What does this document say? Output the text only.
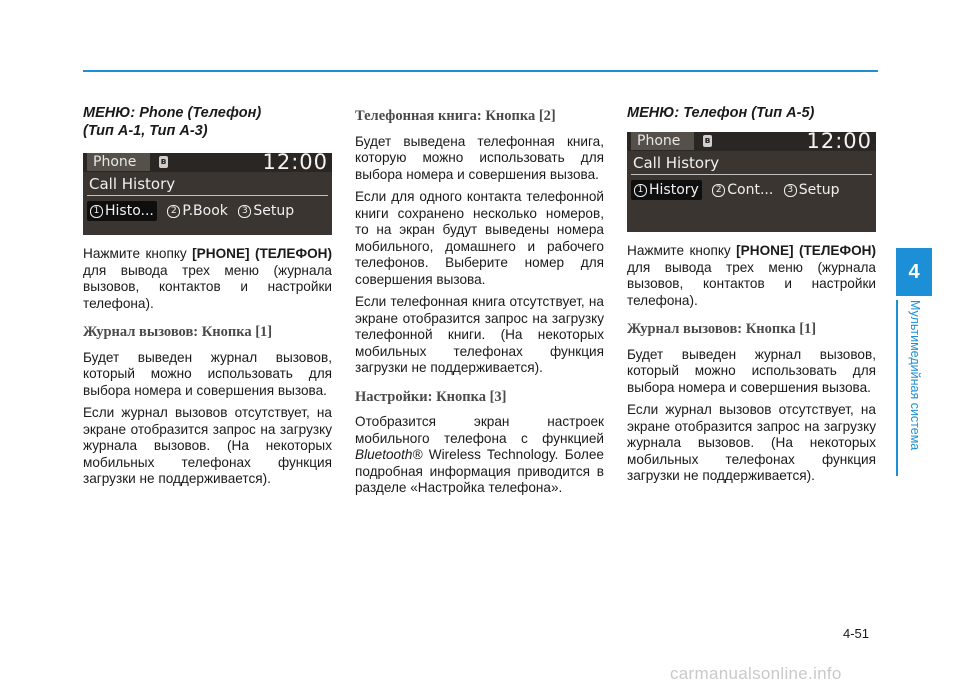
МЕНЮ: Phone (Телефон)
(Тип A-1, Тип A-3)
Phone	ʙ	12:00
Call History
1 Histo... 2 P.Book 3 Setup

Нажмите кнопку [PHONE] (ТЕЛЕФОН) для вывода трех меню (журнала вызовов, контактов и настройки телефона).

Журнал вызовов: Кнопка [1]

Будет выведен журнал вызовов, который можно использовать для выбора номера и совершения вызова.

Если журнал вызовов отсутствует, на экране отобразится запрос на загрузку журнала вызовов. (На некоторых мобильных телефонах функция загрузки не поддерживается).

Телефонная книга: Кнопка [2]

Будет выведена телефонная книга, которую можно использовать для выбора номера и совершения вызова.

Если для одного контакта телефонной книги сохранено несколько номеров, то на экран будут выведены номера мобильного, домашнего и рабочего телефонов. Выберите номер для совершения вызова.

Если телефонная книга отсутствует, на экране отобразится запрос на загрузку телефонной книги. (На некоторых мобильных телефонах функция загрузки не поддерживается).

Настройки: Кнопка [3]

Отобразится экран настроек мобильного телефона с функцией Bluetooth® Wireless Technology. Более подробная информация приводится в разделе «Настройка телефона».

МЕНЮ: Телефон (Тип A-5)
Phone	ʙ	12:00
Call History
1 History 2 Cont... 3 Setup

Нажмите кнопку [PHONE] (ТЕЛЕФОН) для вывода трех меню (журнала вызовов, контактов и настройки телефона).

Журнал вызовов: Кнопка [1]

Будет выведен журнал вызовов, который можно использовать для выбора номера и совершения вызова.

Если журнал вызовов отсутствует, на экране отобразится запрос на загрузку журнала вызовов. (На некоторых мобильных телефонах функция загрузки не поддерживается).

4
Мультимедийная система
4-51
carmanualsonline.info
